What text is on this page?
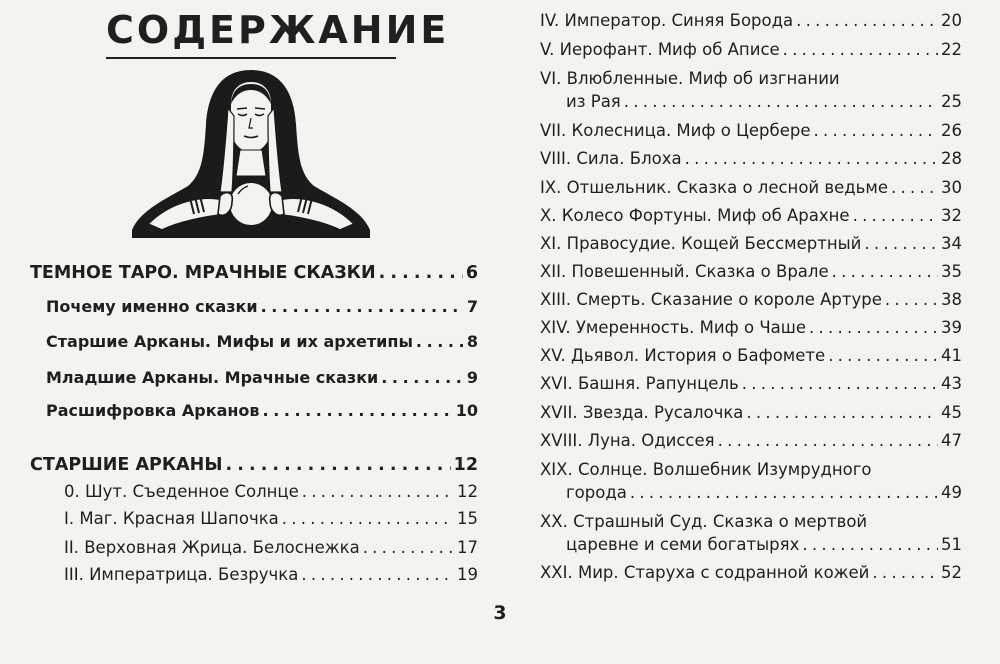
СОДЕРЖАНИЕ
ТЕМНОЕ ТАРО. МРАЧНЫЕ СКАЗКИ . . .	6
Почему именно сказки . . .	7
Старшие Арканы. Мифы и их архетипы . . .	8
Младшие Арканы. Мрачные сказки . . .	9
Расшифровка Арканов . . .	10
СТАРШИЕ АРКАНЫ . . .	12
0. Шут. Съеденное Солнце . . .	12
I. Маг. Красная Шапочка . . .	15
II. Верховная Жрица. Белоснежка . . .	17
III. Императрица. Безручка . . .	19
IV. Император. Синяя Борода . . .	20
V. Иерофант. Миф об Аписе . . .	22
VI. Влюбленные. Миф об изгнании
из Рая . . .	25
VII. Колесница. Миф о Цербере . . .	26
VIII. Сила. Блоха . . .	28
IX. Отшельник. Сказка о лесной ведьме . . .	30
X. Колесо Фортуны. Миф об Арахне . . .	32
XI. Правосудие. Кощей Бессмертный . . .	34
XII. Повешенный. Сказка о Врале . . .	35
XIII. Смерть. Сказание о короле Артуре . . .	38
XIV. Умеренность. Миф о Чаше . . .	39
XV. Дьявол. История о Бафомете . . .	41
XVI. Башня. Рапунцель . . .	43
XVII. Звезда. Русалочка . . .	45
XVIII. Луна. Одиссея . . .	47
XIX. Солнце. Волшебник Изумрудного
города . . .	49
XX. Страшный Суд. Сказка о мертвой
царевне и семи богатырях . . .	51
XXI. Мир. Старуха с содранной кожей . . .	52
3
